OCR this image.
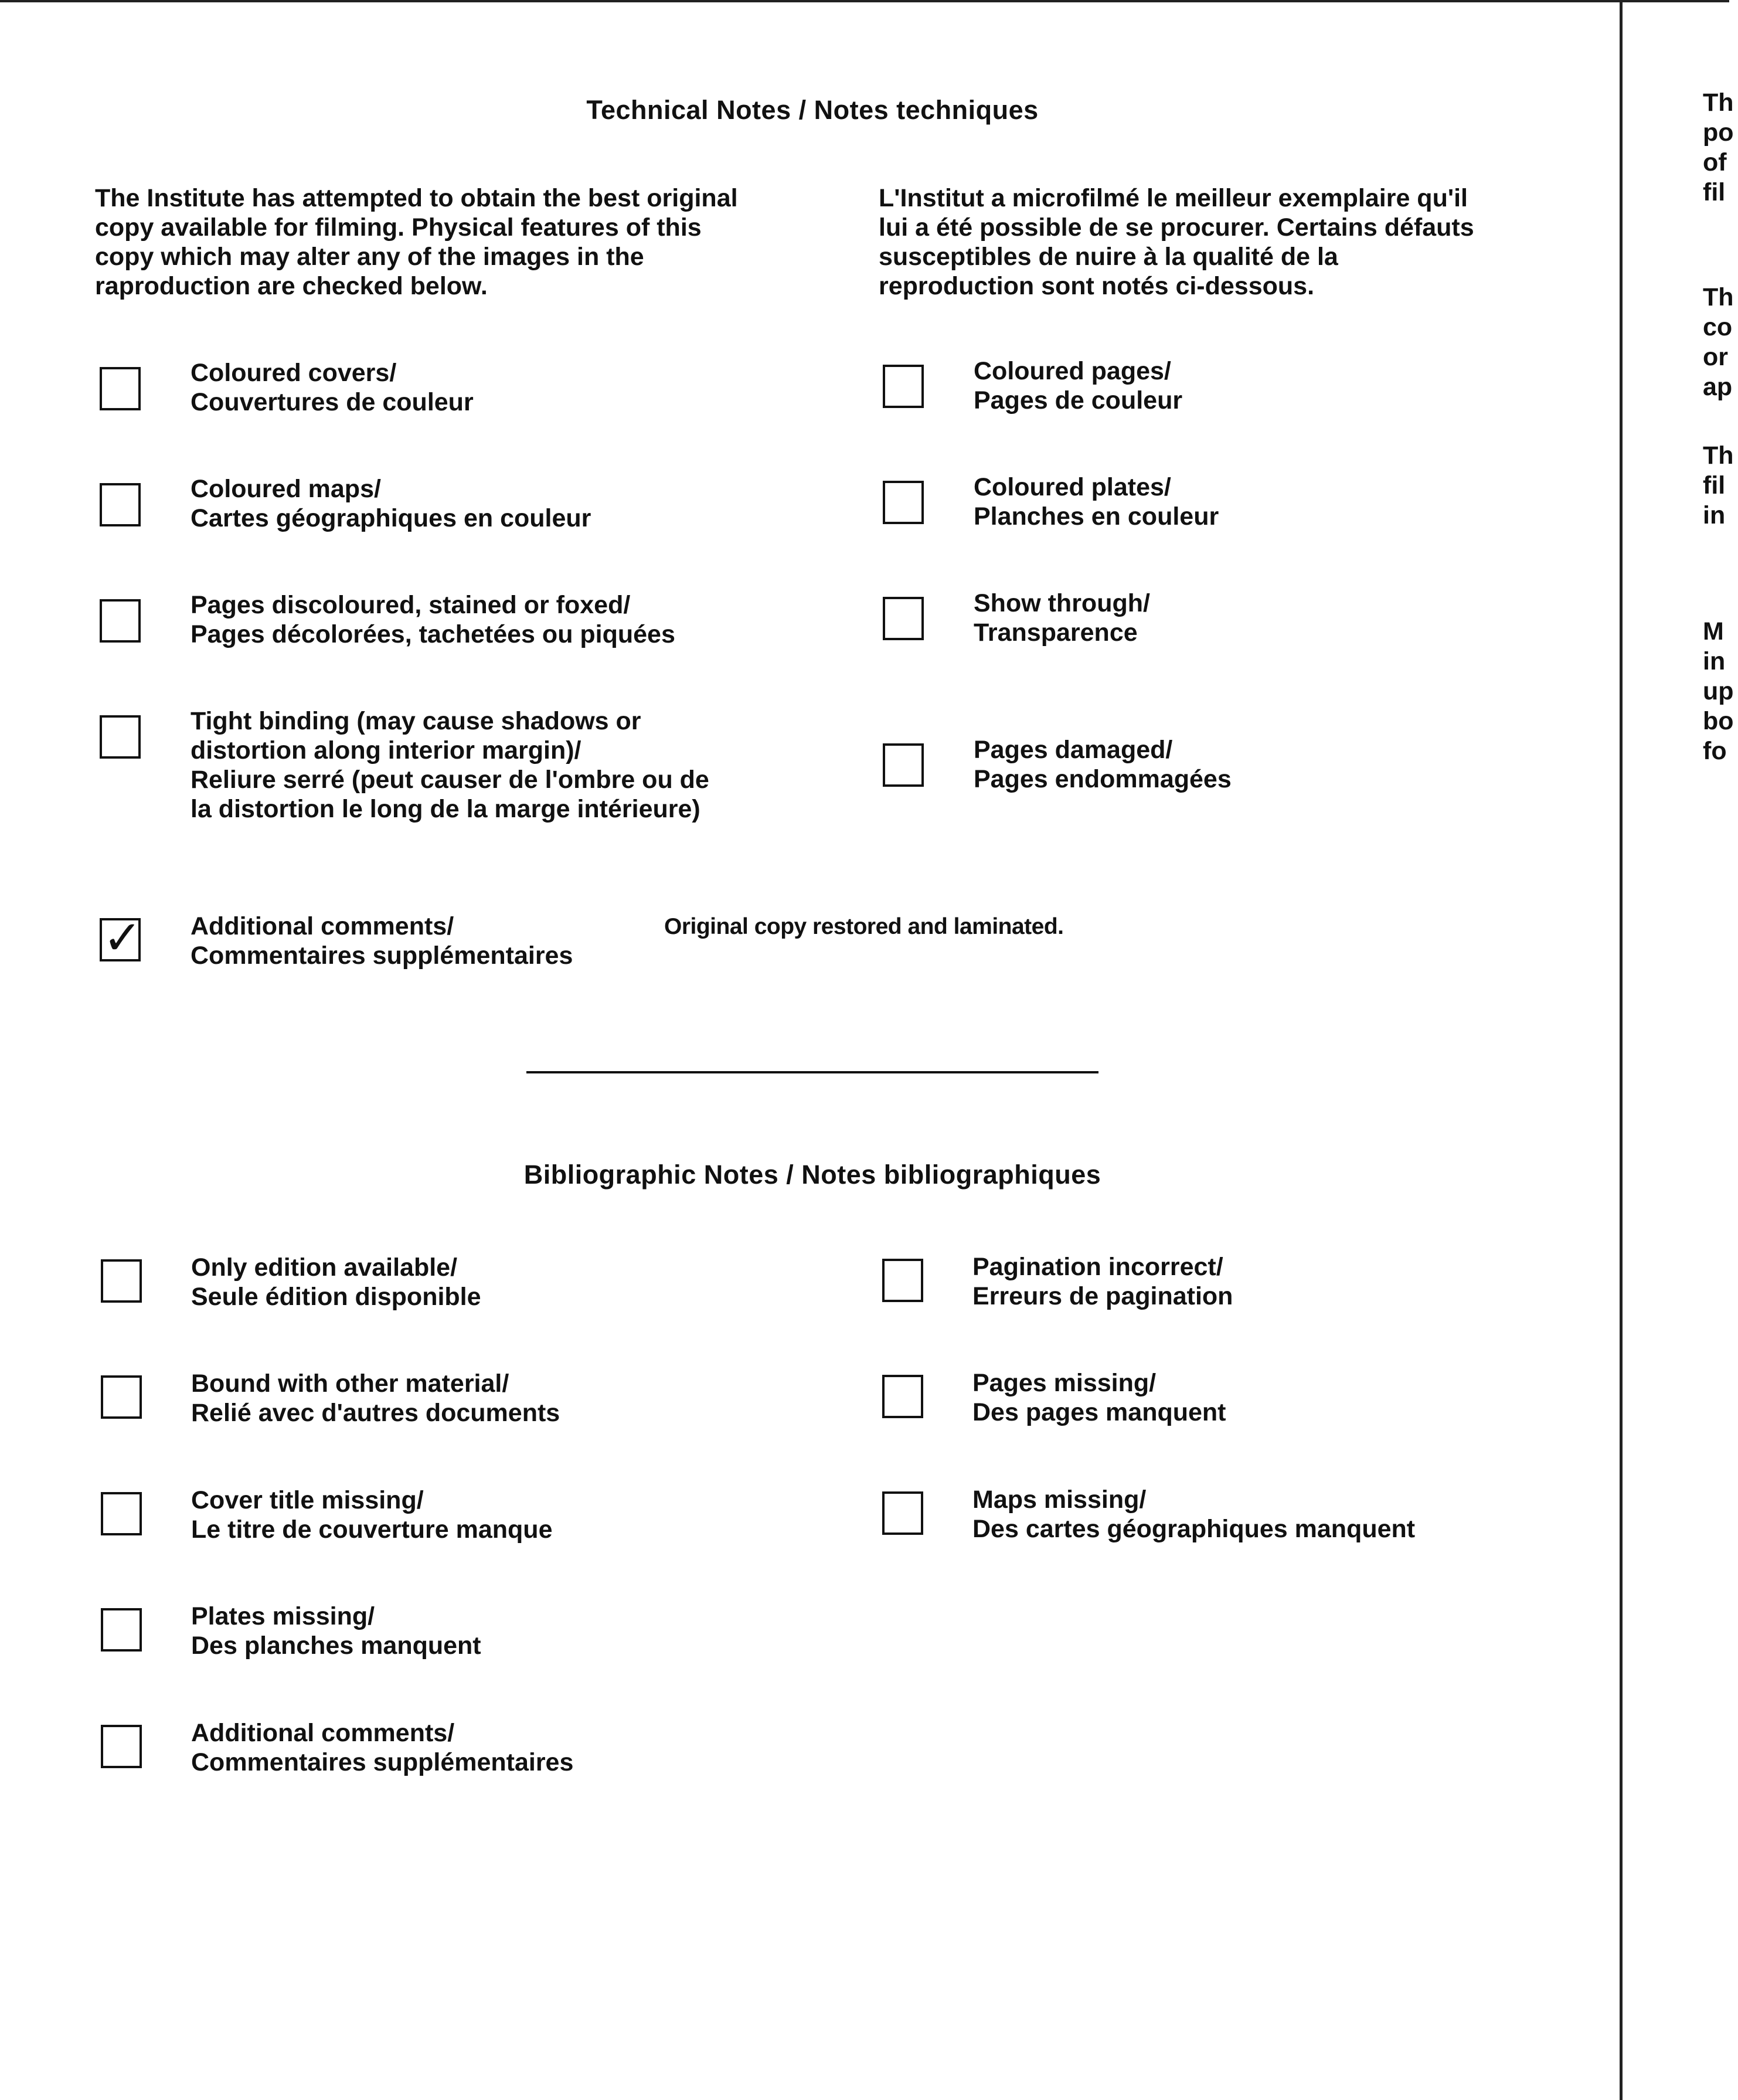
Technical Notes / Notes techniques
The Institute has attempted to obtain the best original copy available for filming. Physical features of this copy which may alter any of the images in the raproduction are checked below.
L'Institut a microfilmé le meilleur exemplaire qu'il lui a été possible de se procurer. Certains défauts susceptibles de nuire à la qualité de la reproduction sont notés ci-dessous.
Coloured covers/
Couvertures de couleur
Coloured maps/
Cartes géographiques en couleur
Pages discoloured, stained or foxed/
Pages décolorées, tachetées ou piquées
Tight binding (may cause shadows or distortion along interior margin)/
Reliure serré (peut causer de l'ombre ou de la distortion le long de la marge intérieure)
✓ Additional comments/
Commentaires supplémentaires
Original copy restored and laminated.
Coloured pages/
Pages de couleur
Coloured plates/
Planches en couleur
Show through/
Transparence
Pages damaged/
Pages endommagées
Bibliographic Notes / Notes bibliographiques
Only edition available/
Seule édition disponible
Bound with other material/
Relié avec d'autres documents
Cover title missing/
Le titre de couverture manque
Plates missing/
Des planches manquent
Additional comments/
Commentaires supplémentaires
Pagination incorrect/
Erreurs de pagination
Pages missing/
Des pages manquent
Maps missing/
Des cartes géographiques manquent
Th
po
of
fil
Th
co
or
ap
Th
fil
in
M
in
up
bo
fo
